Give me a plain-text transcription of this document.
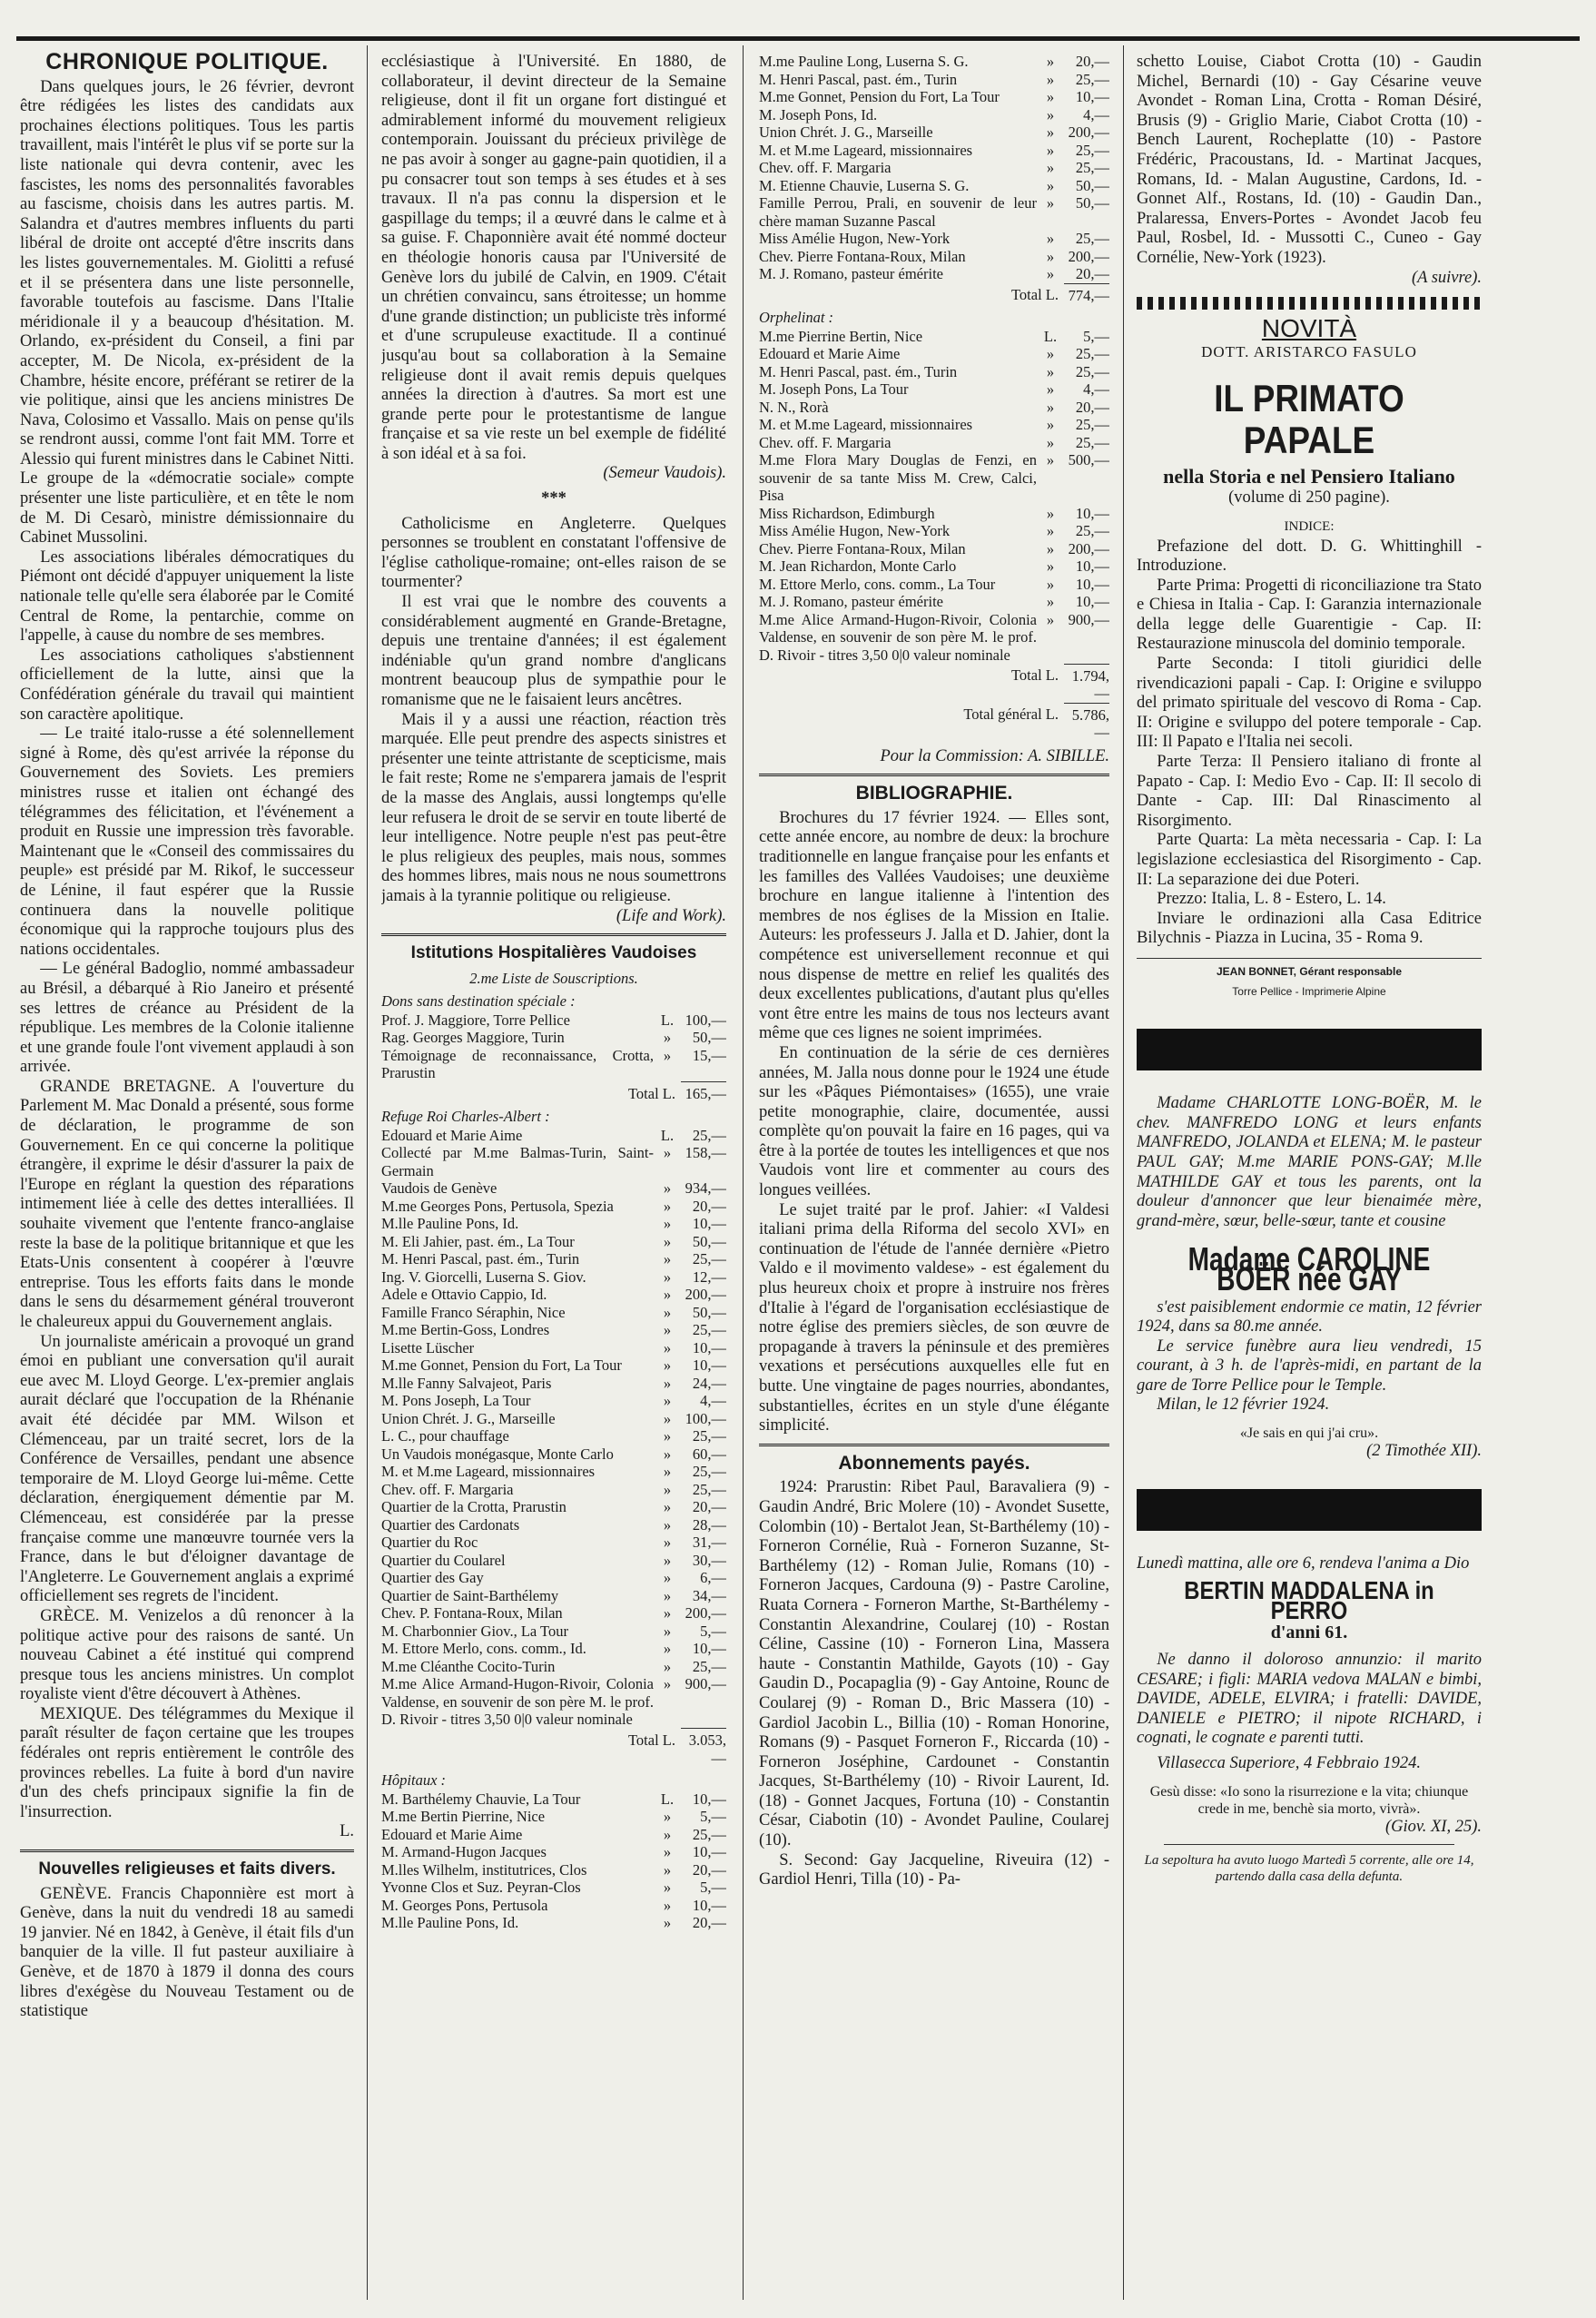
CHRONIQUE POLITIQUE.

Dans quelques jours, le 26 février, devront être rédigées les listes des candidats aux prochaines élections politiques. Tous les partis travaillent, mais l'intérêt le plus vif se porte sur la liste nationale qui devra contenir, avec les fascistes, les noms des personnalités favorables au fascisme, choisis dans les autres partis. M. Salandra et d'autres membres influents du parti libéral de droite ont accepté d'être inscrits dans les listes gouvernementales. M. Giolitti a refusé et il se présentera dans une liste personnelle, favorable toutefois au fascisme. Dans l'Italie méridionale il y a beaucoup d'hésitation. M. Orlando, ex-président du Conseil, a fini par accepter, M. De Nicola, ex-président de la Chambre, hésite encore, préférant se retirer de la vie politique, ainsi que les anciens ministres De Nava, Colosimo et Vassallo. Mais on pense qu'ils se rendront aussi, comme l'ont fait MM. Torre et Alessio qui furent ministres dans le Cabinet Nitti. Le groupe de la «démocratie sociale» compte présenter une liste particulière, et en tête le nom de M. Di Cesarò, ministre démissionnaire du Cabinet Mussolini.

Les associations libérales démocratiques du Piémont ont décidé d'appuyer uniquement la liste nationale telle qu'elle sera élaborée par le Comité Central de Rome, la pentarchie, comme on l'appelle, à cause du nombre de ses membres.

Les associations catholiques s'abstiennent officiellement de la lutte, ainsi que la Confédération générale du travail qui maintient son caractère apolitique.

— Le traité italo-russe a été solennellement signé à Rome, dès qu'est arrivée la réponse du Gouvernement des Soviets. Les premiers ministres russe et italien ont échangé des télégrammes des félicitation, et l'événement a produit en Russie une impression très favorable. Maintenant que le «Conseil des commissaires du peuple» est présidé par M. Rikof, le successeur de Lénine, il faut espérer que la Russie continuera dans la nouvelle politique économique qui la rapproche toujours plus des nations occidentales.

— Le général Badoglio, nommé ambassadeur au Brésil, a débarqué à Rio Janeiro et présenté ses lettres de créance au Président de la république. Les membres de la Colonie italienne et une grande foule l'ont vivement applaudi à son arrivée.

GRANDE BRETAGNE. A l'ouverture du Parlement M. Mac Donald a présenté, sous forme de déclaration, le programme de son Gouvernement. En ce qui concerne la politique étrangère, il exprime le désir d'assurer la paix de l'Europe en réglant la question des réparations intimement liée à celle des dettes interalliées. Il souhaite vivement que l'entente franco-anglaise reste la base de la politique britannique et que les Etats-Unis consentent à coopérer à l'œuvre entreprise. Tous les efforts faits dans le monde dans le sens du désarmement général trouveront le chaleureux appui du Gouvernement anglais.

Un journaliste américain a provoqué un grand émoi en publiant une conversation qu'il aurait eue avec M. Lloyd George. L'ex-premier anglais aurait déclaré que l'occupation de la Rhénanie avait été décidée par MM. Wilson et Clémenceau, par un traité secret, lors de la Conférence de Versailles, pendant une absence temporaire de M. Lloyd George lui-même. Cette déclaration, énergiquement démentie par M. Clémenceau, est considérée par la presse française comme une manœuvre tournée vers la France, dans le but d'éloigner davantage de l'Angleterre. Le Gouvernement anglais a exprimé officiellement ses regrets de l'incident.

GRÈCE. M. Venizelos a dû renoncer à la politique active pour des raisons de santé. Un nouveau Cabinet a été institué qui comprend presque tous les anciens ministres. Un complot royaliste vient d'être découvert à Athènes.

MEXIQUE. Des télégrammes du Mexique il paraît résulter de façon certaine que les troupes fédérales ont repris entièrement le contrôle des provinces rebelles. La fuite à bord d'un navire d'un des chefs principaux signifie la fin de l'insurrection.

L.
Nouvelles religieuses et faits divers.

GENÈVE. Francis Chaponnière est mort à Genève, dans la nuit du vendredi 18 au samedi 19 janvier. Né en 1842, à Genève, il était fils d'un banquier de la ville. Il fut pasteur auxiliaire à Genève, et de 1870 à 1879 il donna des cours libres d'exégèse du Nouveau Testament ou de statistique

ecclésiastique à l'Université. En 1880, de collaborateur, il devint directeur de la Semaine religieuse, dont il fit un organe fort distingué et admirablement informé du mouvement religieux contemporain. Jouissant du précieux privilège de ne pas avoir à songer au gagne-pain quotidien, il a pu consacrer tout son temps à ses études et à ses travaux. Il n'a pas connu la dispersion et le gaspillage du temps; il a œuvré dans le calme et à sa guise. F. Chaponnière avait été nommé docteur en théologie honoris causa par l'Université de Genève lors du jubilé de Calvin, en 1909. C'était un chrétien convaincu, sans étroitesse; un homme d'une grande distinction; un publiciste très informé et d'une scrupuleuse exactitude. Il a continué jusqu'au bout sa collaboration à la Semaine religieuse dont il avait remis depuis quelques années la direction à d'autres. Sa mort est une grande perte pour le protestantisme de langue française et sa vie reste un bel exemple de fidélité à son idéal et à sa foi.

(Semeur Vaudois).
***

Catholicisme en Angleterre. Quelques personnes se troublent en constatant l'offensive de l'église catholique-romaine; ont-elles raison de se tourmenter?

Il est vrai que le nombre des couvents a considérablement augmenté en Grande-Bretagne, depuis une trentaine d'années; il est également indéniable qu'un grand nombre d'anglicans montrent beaucoup plus de sympathie pour le romanisme que ne le faisaient leurs ancêtres.

Mais il y a aussi une réaction, réaction très marquée. Elle peut prendre des aspects sinistres et présenter une teinte attristante de scepticisme, mais le fait reste; Rome ne s'emparera jamais de l'esprit de la masse des Anglais, aussi longtemps qu'elle leur refusera le droit de se servir en toute liberté de leur intelligence. Notre peuple n'est pas peut-être le plus religieux des peuples, mais nous, sommes des hommes libres, mais nous ne nous soumettrons jamais à la tyrannie politique ou religieuse.

(Life and Work).
Istitutions Hospitalières Vaudoises
2.me Liste de Souscriptions.
Dons sans destination spéciale :
Prof. J. Maggiore, Torre Pellice	L.	100,—
Rag. Georges Maggiore, Turin	»	50,—
Témoignage de reconnaissance, Crotta, Prarustin	»	15,—
Total L.		165,—
Refuge Roi Charles-Albert :
Edouard et Marie Aime	L.	25,—
Collecté par M.me Balmas-Turin, Saint-Germain	»	158,—
Vaudois de Genève	»	934,—
M.me Georges Pons, Pertusola, Spezia	»	20,—
M.lle Pauline Pons, Id.	»	10,—
M. Eli Jahier, past. ém., La Tour	»	50,—
M. Henri Pascal, past. ém., Turin	»	25,—
Ing. V. Giorcelli, Luserna S. Giov.	»	12,—
Adele e Ottavio Cappio, Id.	»	200,—
Famille Franco Séraphin, Nice	»	50,—
M.me Bertin-Goss, Londres	»	25,—
Lisette Lüscher	»	10,—
M.me Gonnet, Pension du Fort, La Tour	»	10,—
M.lle Fanny Salvajeot, Paris	»	24,—
M. Pons Joseph, La Tour	»	4,—
Union Chrét. J. G., Marseille	»	100,—
L. C., pour chauffage	»	25,—
Un Vaudois monégasque, Monte Carlo	»	60,—
M. et M.me Lageard, missionnaires	»	25,—
Chev. off. F. Margaria	»	25,—
Quartier de la Crotta, Prarustin	»	20,—
Quartier des Cardonats	»	28,—
Quartier du Roc	»	31,—
Quartier du Coularel	»	30,—
Quartier des Gay	»	6,—
Quartier de Saint-Barthélemy	»	34,—
Chev. P. Fontana-Roux, Milan	»	200,—
M. Charbonnier Giov., La Tour	»	5,—
M. Ettore Merlo, cons. comm., Id.	»	10,—
M.me Cléanthe Cocito-Turin	»	25,—
M.me Alice Armand-Hugon-Rivoir, Colonia Valdense, en souvenir de son père M. le prof. D. Rivoir - titres 3,50 0|0 valeur nominale	»	900,—
Total L.		3.053,—
Hôpitaux :
M. Barthélemy Chauvie, La Tour	L.	10,—
M.me Bertin Pierrine, Nice	»	5,—
Edouard et Marie Aime	»	25,—
M. Armand-Hugon Jacques	»	10,—
M.lles Wilhelm, institutrices, Clos	»	20,—
Yvonne Clos et Suz. Peyran-Clos	»	5,—
M. Georges Pons, Pertusola	»	10,—
M.lle Pauline Pons, Id.	»	20,—
M.me Pauline Long, Luserna S. G.	»	20,—
M. Henri Pascal, past. ém., Turin	»	25,—
M.me Gonnet, Pension du Fort, La Tour	»	10,—
M. Joseph Pons, Id.	»	4,—
Union Chrét. J. G., Marseille	»	200,—
M. et M.me Lageard, missionnaires	»	25,—
Chev. off. F. Margaria	»	25,—
M. Etienne Chauvie, Luserna S. G.	»	50,—
Famille Perrou, Prali, en souvenir de leur chère maman Suzanne Pascal	»	50,—
Miss Amélie Hugon, New-York	»	25,—
Chev. Pierre Fontana-Roux, Milan	»	200,—
M. J. Romano, pasteur émérite	»	20,—
Total L.		774,—
Orphelinat :
M.me Pierrine Bertin, Nice	L.	5,—
Edouard et Marie Aime	»	25,—
M. Henri Pascal, past. ém., Turin	»	25,—
M. Joseph Pons, La Tour	»	4,—
N. N., Rorà	»	20,—
M. et M.me Lageard, missionnaires	»	25,—
Chev. off. F. Margaria	»	25,—
M.me Flora Mary Douglas de Fenzi, en souvenir de sa tante Miss M. Crew, Calci, Pisa	»	500,—
Miss Richardson, Edimburgh	»	10,—
Miss Amélie Hugon, New-York	»	25,—
Chev. Pierre Fontana-Roux, Milan	»	200,—
M. Jean Richardon, Monte Carlo	»	10,—
M. Ettore Merlo, cons. comm., La Tour	»	10,—
M. J. Romano, pasteur émérite	»	10,—
M.me Alice Armand-Hugon-Rivoir, Colonia Valdense, en souvenir de son père M. le prof. D. Rivoir - titres 3,50 0|0 valeur nominale	»	900,—
Total L.		1.794,—
Total général L.	5.786,—
Pour la Commission: A. SIBILLE.
BIBLIOGRAPHIE.

Brochures du 17 février 1924. — Elles sont, cette année encore, au nombre de deux: la brochure traditionnelle en langue française pour les enfants et les familles des Vallées Vaudoises; une deuxième brochure en langue italienne à l'intention des membres de nos églises de la Mission en Italie. Auteurs: les professeurs J. Jalla et D. Jahier, dont la compétence est universellement reconnue et qui nous dispense de mettre en relief les qualités des deux excellentes publications, d'autant plus qu'elles vont être entre les mains de tous nos lecteurs avant même que ces lignes ne soient imprimées.

En continuation de la série de ces dernières années, M. Jalla nous donne pour le 1924 une étude sur les «Pâques Piémontaises» (1655), une vraie petite monographie, claire, documentée, aussi complète qu'on pouvait la faire en 16 pages, qui va être à la portée de toutes les intelligences et que nos Vaudois vont lire et commenter au cours des longues veillées.

Le sujet traité par le prof. Jahier: «I Valdesi italiani prima della Riforma del secolo XVI» en continuation de l'étude de l'année dernière «Pietro Valdo e il movimento valdese» - est également du plus heureux choix et propre à instruire nos frères d'Italie à l'égard de l'organisation ecclésiastique de notre église des premiers siècles, de son œuvre de propagande à travers la péninsule et des premières vexations et persécutions auxquelles elle fut en butte. Une vingtaine de pages nourries, abondantes, substantielles, écrites en un style d'une élégante simplicité.

Abonnements payés.

1924: Prarustin: Ribet Paul, Baravaliera (9) - Gaudin André, Bric Molere (10) - Avondet Susette, Colombin (10) - Bertalot Jean, St-Barthélemy (10) - Forneron Cornélie, Ruà - Forneron Suzanne, St-Barthélemy (12) - Roman Julie, Romans (10) - Forneron Jacques, Cardouna (9) - Pastre Caroline, Ruata Cornera - Forneron Marthe, St-Barthélemy - Constantin Alexandrine, Coularej (10) - Rostan Céline, Cassine (10) - Forneron Lina, Massera haute - Constantin Mathilde, Gayots (10) - Gay Gaudin D., Pocapaglia (9) - Gay Antoine, Rounc de Coularej (9) - Roman D., Bric Massera (10) - Gardiol Jacobin L., Billia (10) - Roman Honorine, Romans (9) - Pasquet Forneron F., Riccarda (10) - Forneron Joséphine, Cardounet - Constantin Jacques, St-Barthélemy (10) - Rivoir Laurent, Id. (18) - Gonnet Jacques, Fortuna (10) - Constantin César, Ciabotin (10) - Avondet Pauline, Coularej (10).

S. Second: Gay Jacqueline, Riveuira (12) - Gardiol Henri, Tilla (10) - Pa-

schetto Louise, Ciabot Crotta (10) - Gaudin Michel, Bernardi (10) - Gay Césarine veuve Avondet - Roman Lina, Crotta - Roman Désiré, Brusis (9) - Griglio Marie, Ciabot Crotta (10) - Bench Laurent, Rocheplatte (10) - Pastore Frédéric, Pracoustans, Id. - Martinat Jacques, Romans, Id. - Malan Augustine, Cardons, Id. - Gonnet Alf., Rostans, Id. (10) - Gaudin Dan., Pralaressa, Envers-Portes - Avondet Jacob feu Paul, Rosbel, Id. - Mussotti C., Cuneo - Gay Cornélie, New-York (1923).

(A suivre).
NOVITÀ
DOTT. ARISTARCO FASULO
IL PRIMATO PAPALE
nella Storia e nel Pensiero Italiano
(volume di 250 pagine).
INDICE:

Prefazione del dott. D. G. Whittinghill - Introduzione.

Parte Prima: Progetti di riconciliazione tra Stato e Chiesa in Italia - Cap. I: Garanzia internazionale della legge delle Guarentigie - Cap. II: Restaurazione minuscola del dominio temporale.

Parte Seconda: I titoli giuridici delle rivendicazioni papali - Cap. I: Origine e sviluppo del primato spirituale del vescovo di Roma - Cap. II: Origine e sviluppo del potere temporale - Cap. III: Il Papato e l'Italia nei secoli.

Parte Terza: Il Pensiero italiano di fronte al Papato - Cap. I: Medio Evo - Cap. II: Il secolo di Dante - Cap. III: Dal Rinascimento al Risorgimento.

Parte Quarta: La mèta necessaria - Cap. I: La legislazione ecclesiastica del Risorgimento - Cap. II: La separazione dei due Poteri.

Prezzo: Italia, L. 8 - Estero, L. 14.

Inviare le ordinazioni alla Casa Editrice Bilychnis - Piazza in Lucina, 35 - Roma 9.

JEAN BONNET, Gérant responsable
Torre Pellice - Imprimerie Alpine

Madame CHARLOTTE LONG-BOËR, M. le chev. MANFREDO LONG et leurs enfants MANFREDO, JOLANDA et ELENA; M. le pasteur PAUL GAY; M.me MARIE PONS-GAY; M.lle MATHILDE GAY et tous les parents, ont la douleur d'annoncer que leur bienaimée mère, grand-mère, sœur, belle-sœur, tante et cousine

Madame CAROLINE BOËR née GAY

s'est paisiblement endormie ce matin, 12 février 1924, dans sa 80.me année.

Le service funèbre aura lieu vendredi, 15 courant, à 3 h. de l'après-midi, en partant de la gare de Torre Pellice pour le Temple.

Milan, le 12 février 1924.

«Je sais en qui j'ai cru».
(2 Timothée XII).

Lunedì mattina, alle ore 6, rendeva l'anima a Dio

BERTIN MADDALENA in PERRO
d'anni 61.

Ne danno il doloroso annunzio: il marito CESARE; i figli: MARIA vedova MALAN e bimbi, DAVIDE, ADELE, ELVIRA; i fratelli: DAVIDE, DANIELE e PIETRO; il nipote RICHARD, i cognati, le cognate e parenti tutti.

Villasecca Superiore, 4 Febbraio 1924.

Gesù disse: «Io sono la risurrezione e la vita; chiunque crede in me, benchè sia morto, vivrà».
(Giov. XI, 25).
La sepoltura ha avuto luogo Martedì 5 corrente, alle ore 14, partendo dalla casa della defunta.
